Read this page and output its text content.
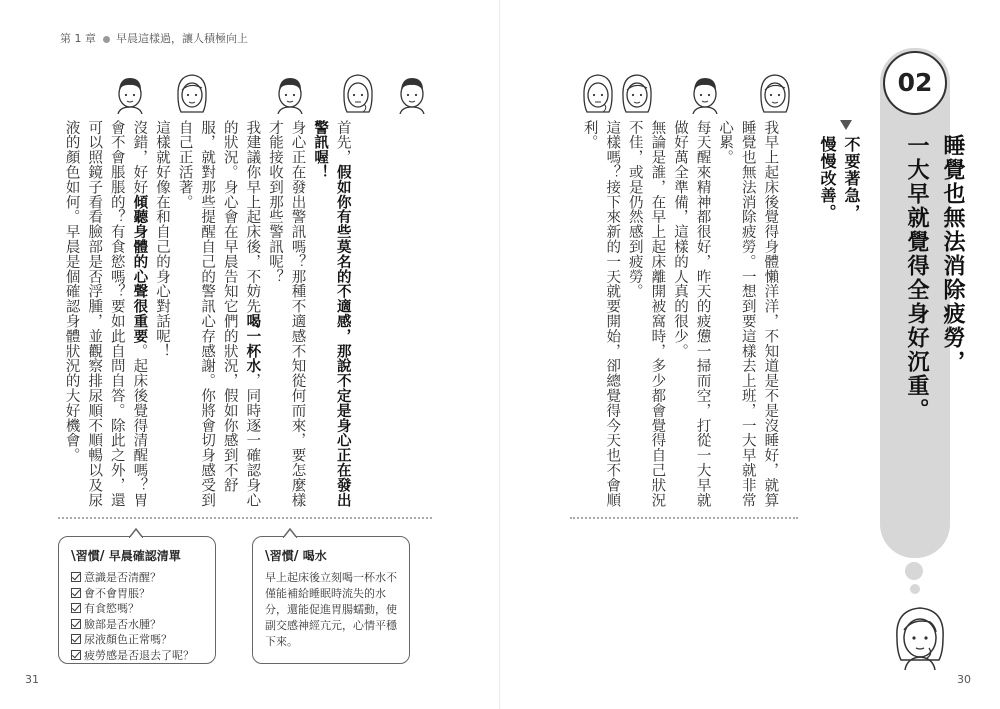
第 1 章 早晨這樣過，讓人積極向上
02
睡覺也無法消除疲勞，
一大早就覺得全身好沉重。
不要著急，
慢慢改善。

我早上起床後覺得身體懶洋洋，不知道是不是沒睡好，就算

睡覺也無法消除疲勞。一想到要這樣去上班，一大早就非常

心累。

每天醒來精神都很好，昨天的疲憊一掃而空，打從一大早就

做好萬全準備，這樣的人真的很少。

無論是誰，在早上起床離開被窩時，多少都會覺得自己狀況

不佳，或是仍然感到疲勞。

這樣嗎？接下來新的一天就要開始，卻總覺得今天也不會順

利。

首先，假如你有些莫名的不適感，那說不定是身心正在發出

警訊喔！

身心正在發出警訊嗎？那種不適感不知從何而來，要怎麼樣

才能接收到那些警訊呢？

我建議你早上起床後，不妨先喝一杯水，同時逐一確認身心

的狀況。身心會在早晨告知它們的狀況，假如你感到不舒

服，就對那些提醒自己的警訊心存感謝。你將會切身感受到

自己正活著。

這樣就好像在和自己的身心對話呢！

沒錯，好好傾聽身體的心聲很重要。起床後覺得清醒嗎？胃

會不會脹脹的？有食慾嗎？要如此自問自答。除此之外，還

可以照鏡子看看臉部是否浮腫，並觀察排尿順不順暢以及尿

液的顏色如何。早晨是個確認身體狀況的大好機會。

\習慣/ 喝水
早上起床後立刻喝一杯水不僅能補給睡眠時流失的水分，還能促進胃腸蠕動，使副交感神經亢元，心情平穩下來。
\習慣/ 早晨確認清單
意識是否清醒？
會不會胃脹？
有食慾嗎？
臉部是否水腫？
尿液顏色正常嗎？
疲勞感是否退去了呢？
31	30
